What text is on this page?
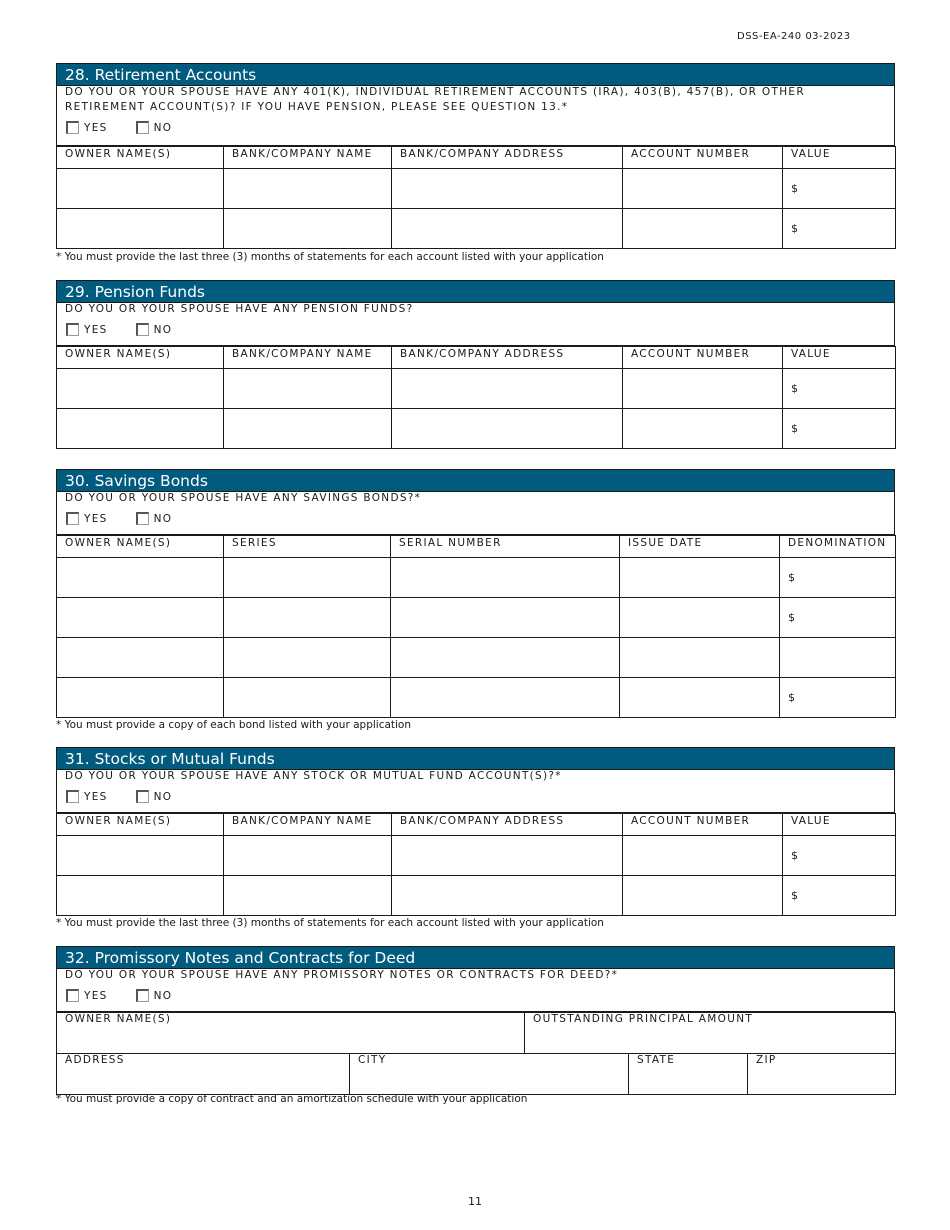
DSS-EA-240 03-2023
28. Retirement Accounts
DO YOU OR YOUR SPOUSE HAVE ANY 401(K), INDIVIDUAL RETIREMENT ACCOUNTS (IRA), 403(B), 457(B), OR OTHER RETIREMENT ACCOUNT(S)? IF YOU HAVE PENSION, PLEASE SEE QUESTION 13.*
YES	NO
OWNER NAME(S)	BANK/COMPANY NAME	BANK/COMPANY ADDRESS	ACCOUNT NUMBER	VALUE
				$
				$
* You must provide the last three (3) months of statements for each account listed with your application
29. Pension Funds
DO YOU OR YOUR SPOUSE HAVE ANY PENSION FUNDS?
YES	NO
OWNER NAME(S)	BANK/COMPANY NAME	BANK/COMPANY ADDRESS	ACCOUNT NUMBER	VALUE
				$
				$
30. Savings Bonds
DO YOU OR YOUR SPOUSE HAVE ANY SAVINGS BONDS?*
YES	NO
OWNER NAME(S)	SERIES	SERIAL NUMBER	ISSUE DATE	DENOMINATION
				$
				$

				$
* You must provide a copy of each bond listed with your application
31. Stocks or Mutual Funds
DO YOU OR YOUR SPOUSE HAVE ANY STOCK OR MUTUAL FUND ACCOUNT(S)?*
YES	NO
OWNER NAME(S)	BANK/COMPANY NAME	BANK/COMPANY ADDRESS	ACCOUNT NUMBER	VALUE
				$
				$
* You must provide the last three (3) months of statements for each account listed with your application
32. Promissory Notes and Contracts for Deed
DO YOU OR YOUR SPOUSE HAVE ANY PROMISSORY NOTES OR CONTRACTS FOR DEED?*
YES	NO
OWNER NAME(S)	OUTSTANDING PRINCIPAL AMOUNT
ADDRESS	CITY	STATE	ZIP
* You must provide a copy of contract and an amortization schedule with your application
11
